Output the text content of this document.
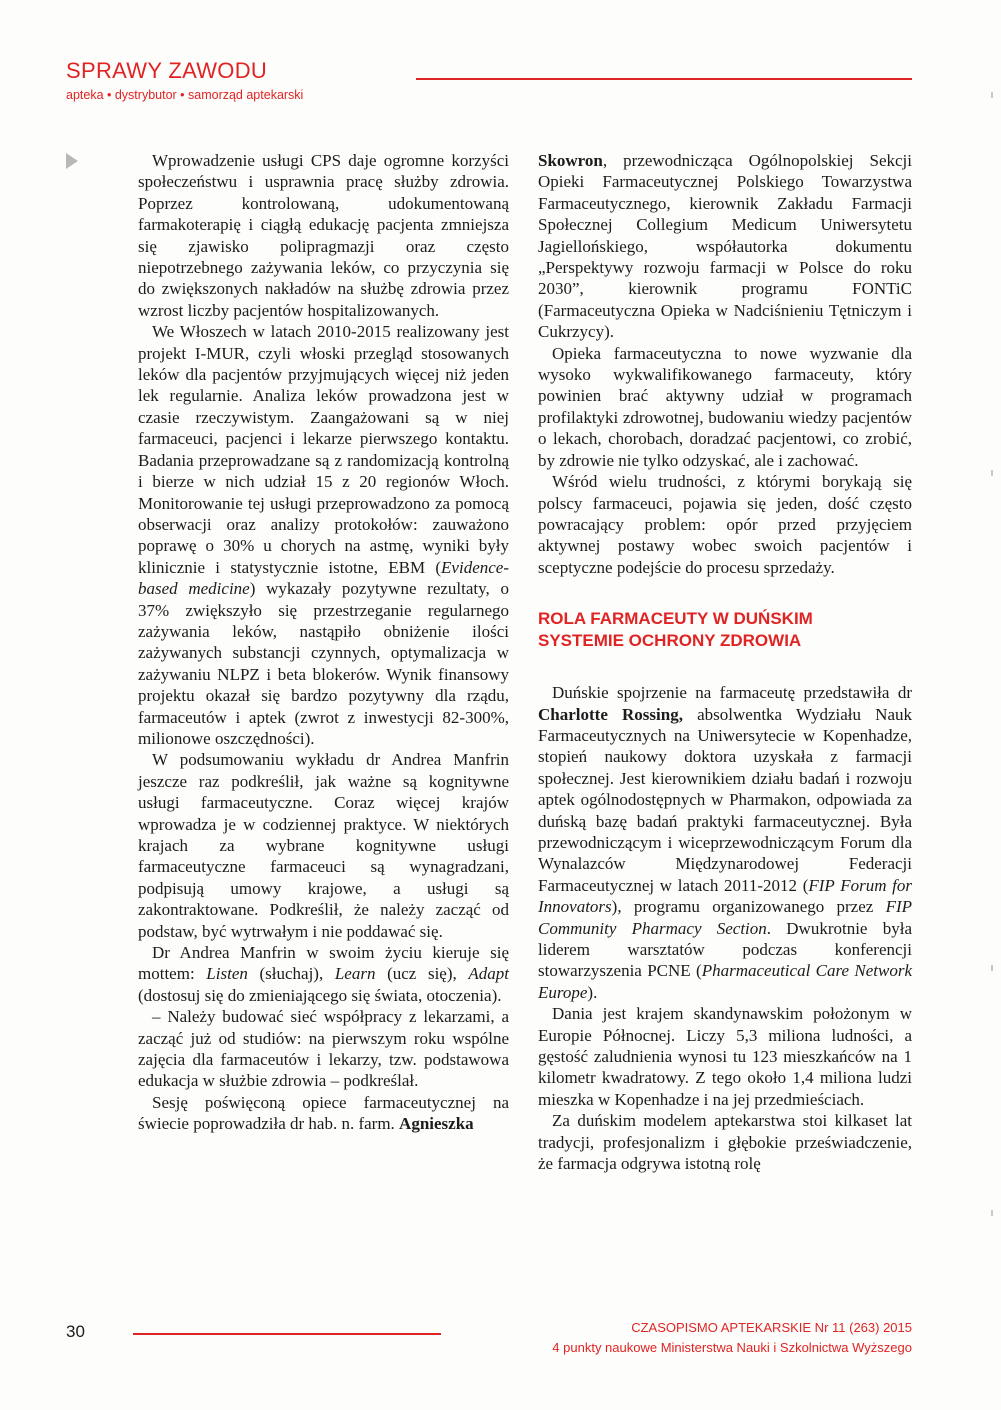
SPRAWY ZAWODU
apteka • dystrybutor • samorząd aptekarski

Wprowadzenie usługi CPS daje ogromne korzyści społeczeństwu i usprawnia pracę służby zdrowia. Poprzez kontrolowaną, udokumentowaną farmakoterapię i ciągłą edukację pacjenta zmniejsza się zjawisko polipragmazji oraz często niepotrzebnego zażywania leków, co przyczynia się do zwiększonych nakładów na służbę zdrowia przez wzrost liczby pacjentów hospitalizowanych.

We Włoszech w latach 2010-2015 realizowany jest projekt I-MUR, czyli włoski przegląd stosowanych leków dla pacjentów przyjmujących więcej niż jeden lek regularnie. Analiza leków prowadzona jest w czasie rzeczywistym. Zaangażowani są w niej farmaceuci, pacjenci i lekarze pierwszego kontaktu. Badania przeprowadzane są z randomizacją kontrolną i bierze w nich udział 15 z 20 regionów Włoch. Monitorowanie tej usługi przeprowadzono za pomocą obserwacji oraz analizy protokołów: zauważono poprawę o 30% u chorych na astmę, wyniki były klinicznie i statystycznie istotne, EBM (Evidence-based medicine) wykazały pozytywne rezultaty, o 37% zwiększyło się przestrzeganie regularnego zażywania leków, nastąpiło obniżenie ilości zażywanych substancji czynnych, optymalizacja w zażywaniu NLPZ i beta blokerów. Wynik finansowy projektu okazał się bardzo pozytywny dla rządu, farmaceutów i aptek (zwrot z inwestycji 82-300%, milionowe oszczędności).

W podsumowaniu wykładu dr Andrea Manfrin jeszcze raz podkreślił, jak ważne są kognitywne usługi farmaceutyczne. Coraz więcej krajów wprowadza je w codziennej praktyce. W niektórych krajach za wybrane kognitywne usługi farmaceutyczne farmaceuci są wynagradzani, podpisują umowy krajowe, a usługi są zakontraktowane. Podkreślił, że należy zacząć od podstaw, być wytrwałym i nie poddawać się.

Dr Andrea Manfrin w swoim życiu kieruje się mottem: Listen (słuchaj), Learn (ucz się), Adapt (dostosuj się do zmieniającego się świata, otoczenia).

– Należy budować sieć współpracy z lekarzami, a zacząć już od studiów: na pierwszym roku wspólne zajęcia dla farmaceutów i lekarzy, tzw. podstawowa edukacja w służbie zdrowia – podkreślał.

Sesję poświęconą opiece farmaceutycznej na świecie poprowadziła dr hab. n. farm. Agnieszka

Skowron, przewodnicząca Ogólnopolskiej Sekcji Opieki Farmaceutycznej Polskiego Towarzystwa Farmaceutycznego, kierownik Zakładu Farmacji Społecznej Collegium Medicum Uniwersytetu Jagiellońskiego, współautorka dokumentu „Perspektywy rozwoju farmacji w Polsce do roku 2030”, kierownik programu FONTiC (Farmaceutyczna Opieka w Nadciśnieniu Tętniczym i Cukrzycy).

Opieka farmaceutyczna to nowe wyzwanie dla wysoko wykwalifikowanego farmaceuty, który powinien brać aktywny udział w programach profilaktyki zdrowotnej, budowaniu wiedzy pacjentów o lekach, chorobach, doradzać pacjentowi, co zrobić, by zdrowie nie tylko odzyskać, ale i zachować.

Wśród wielu trudności, z którymi borykają się polscy farmaceuci, pojawia się jeden, dość często powracający problem: opór przed przyjęciem aktywnej postawy wobec swoich pacjentów i sceptyczne podejście do procesu sprzedaży.

ROLA FARMACEUTY W DUŃSKIM
SYSTEMIE OCHRONY ZDROWIA

Duńskie spojrzenie na farmaceutę przedstawiła dr Charlotte Rossing, absolwentka Wydziału Nauk Farmaceutycznych na Uniwersytecie w Kopenhadze, stopień naukowy doktora uzyskała z farmacji społecznej. Jest kierownikiem działu badań i rozwoju aptek ogólnodostępnych w Pharmakon, odpowiada za duńską bazę badań praktyki farmaceutycznej. Była przewodniczącym i wiceprzewodniczącym Forum dla Wynalazców Międzynarodowej Federacji Farmaceutycznej w latach 2011-2012 (FIP Forum for Innovators), programu organizowanego przez FIP Community Pharmacy Section. Dwukrotnie była liderem warsztatów podczas konferencji stowarzyszenia PCNE (Pharmaceutical Care Network Europe).

Dania jest krajem skandynawskim położonym w Europie Północnej. Liczy 5,3 miliona ludności, a gęstość zaludnienia wynosi tu 123 mieszkańców na 1 kilometr kwadratowy. Z tego około 1,4 miliona ludzi mieszka w Kopenhadze i na jej przedmieściach.

Za duńskim modelem aptekarstwa stoi kilkaset lat tradycji, profesjonalizm i głębokie przeświadczenie, że farmacja odgrywa istotną rolę

30	CZASOPISMO APTEKARSKIE Nr 11 (263) 2015
4 punkty naukowe Ministerstwa Nauki i Szkolnictwa Wyższego
